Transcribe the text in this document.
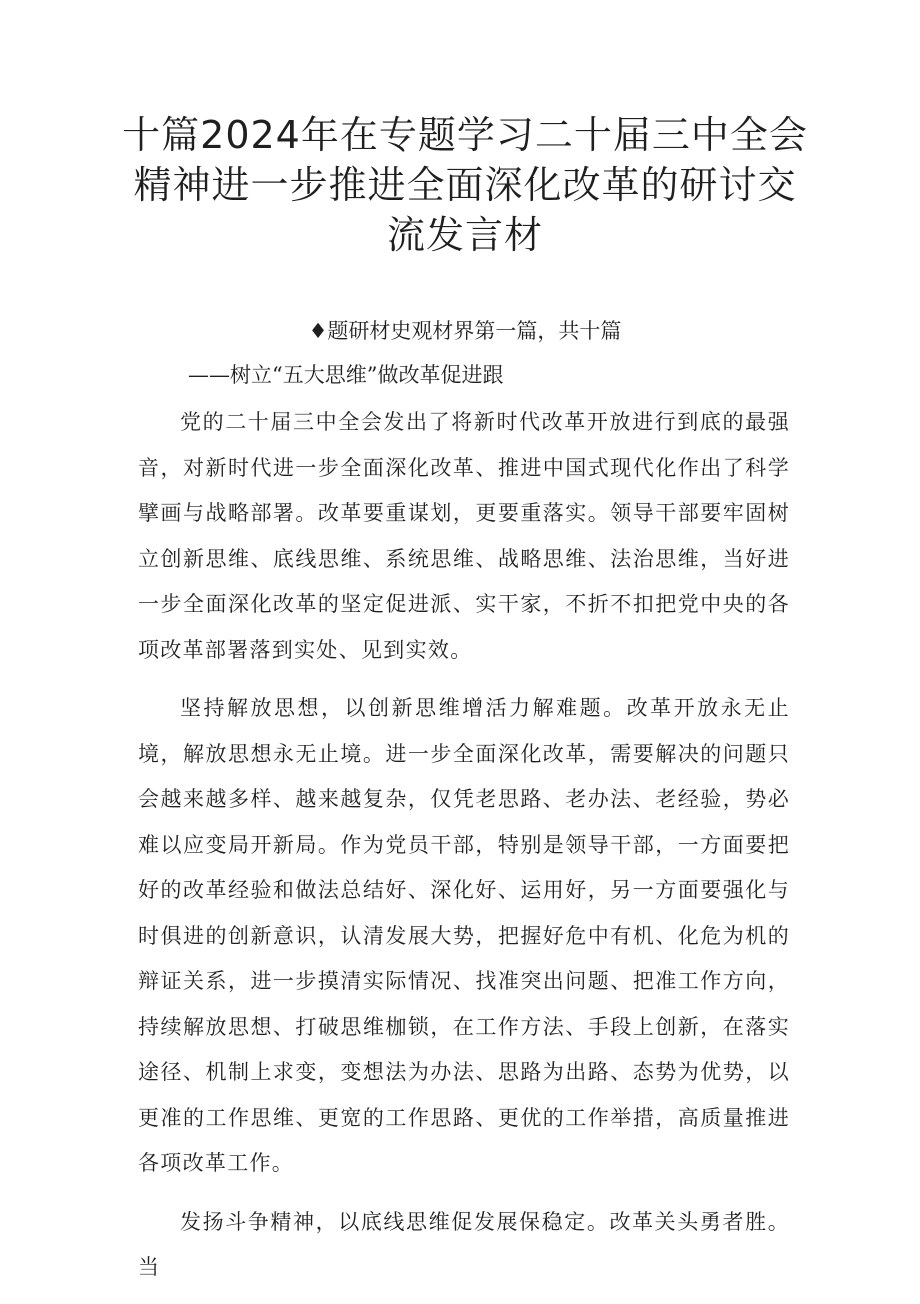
十篇2024年在专题学习二十届三中全会精神进一步推进全面深化改革的研讨交流发言材
♦题研材史观材界第一篇，共十篇
——树立“五大思维”做改革促进跟

党的二十届三中全会发出了将新时代改革开放进行到底的最强音，对新时代进一步全面深化改革、推进中国式现代化作出了科学擘画与战略部署。改革要重谋划，更要重落实。领导干部要牢固树立创新思维、底线思维、系统思维、战略思维、法治思维，当好进一步全面深化改革的坚定促进派、实干家，不折不扣把党中央的各项改革部署落到实处、见到实效。

坚持解放思想，以创新思维增活力解难题。改革开放永无止境，解放思想永无止境。进一步全面深化改革，需要解决的问题只会越来越多样、越来越复杂，仅凭老思路、老办法、老经验，势必难以应变局开新局。作为党员干部，特别是领导干部，一方面要把好的改革经验和做法总结好、深化好、运用好，另一方面要强化与时俱进的创新意识，认清发展大势，把握好危中有机、化危为机的辩证关系，进一步摸清实际情况、找准突出问题、把准工作方向，持续解放思想、打破思维枷锁，在工作方法、手段上创新，在落实途径、机制上求变，变想法为办法、思路为出路、态势为优势，以更准的工作思维、更宽的工作思路、更优的工作举措，高质量推进各项改革工作。

发扬斗争精神，以底线思维促发展保稳定。改革关头勇者胜。当
